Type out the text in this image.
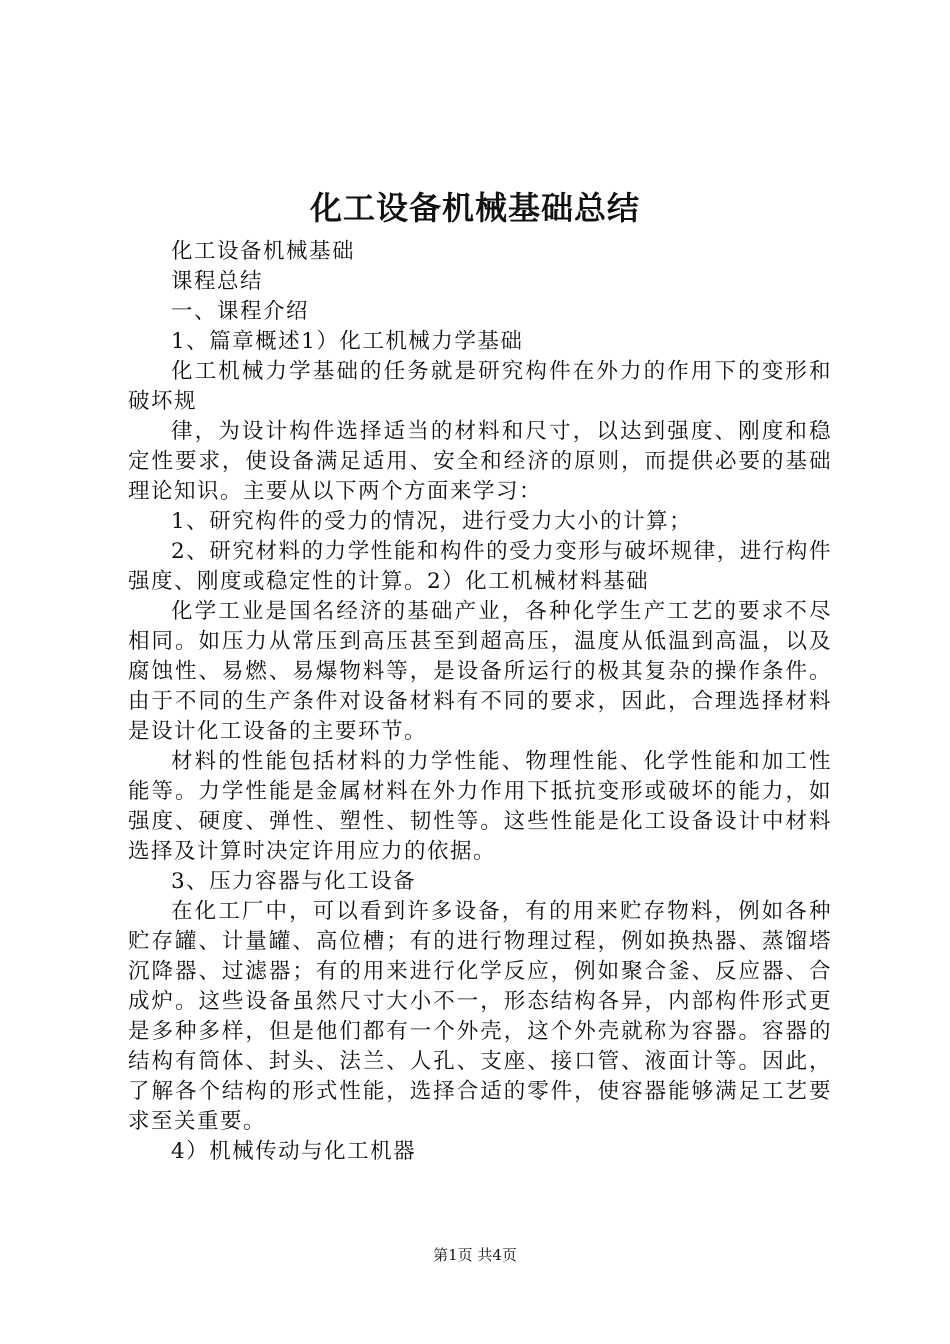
化工设备机械基础总结

化工设备机械基础

课程总结

一、课程介绍

1、篇章概述1）化工机械力学基础

化工机械力学基础的任务就是研究构件在外力的作用下的变形和破坏规

律，为设计构件选择适当的材料和尺寸，以达到强度、刚度和稳定性要求，使设备满足适用、安全和经济的原则，而提供必要的基础理论知识。主要从以下两个方面来学习：

1、研究构件的受力的情况，进行受力大小的计算；

2、研究材料的力学性能和构件的受力变形与破坏规律，进行构件强度、刚度或稳定性的计算。2）化工机械材料基础

化学工业是国名经济的基础产业，各种化学生产工艺的要求不尽相同。如压力从常压到高压甚至到超高压，温度从低温到高温，以及腐蚀性、易燃、易爆物料等，是设备所运行的极其复杂的操作条件。由于不同的生产条件对设备材料有不同的要求，因此，合理选择材料是设计化工设备的主要环节。

材料的性能包括材料的力学性能、物理性能、化学性能和加工性能等。力学性能是金属材料在外力作用下抵抗变形或破坏的能力，如强度、硬度、弹性、塑性、韧性等。这些性能是化工设备设计中材料选择及计算时决定许用应力的依据。

3、压力容器与化工设备

在化工厂中，可以看到许多设备，有的用来贮存物料，例如各种贮存罐、计量罐、高位槽；有的进行物理过程，例如换热器、蒸馏塔沉降器、过滤器；有的用来进行化学反应，例如聚合釜、反应器、合成炉。这些设备虽然尺寸大小不一，形态结构各异，内部构件形式更是多种多样，但是他们都有一个外壳，这个外壳就称为容器。容器的结构有筒体、封头、法兰、人孔、支座、接口管、液面计等。因此，了解各个结构的形式性能，选择合适的零件，使容器能够满足工艺要求至关重要。

4）机械传动与化工机器

第1页 共4页
